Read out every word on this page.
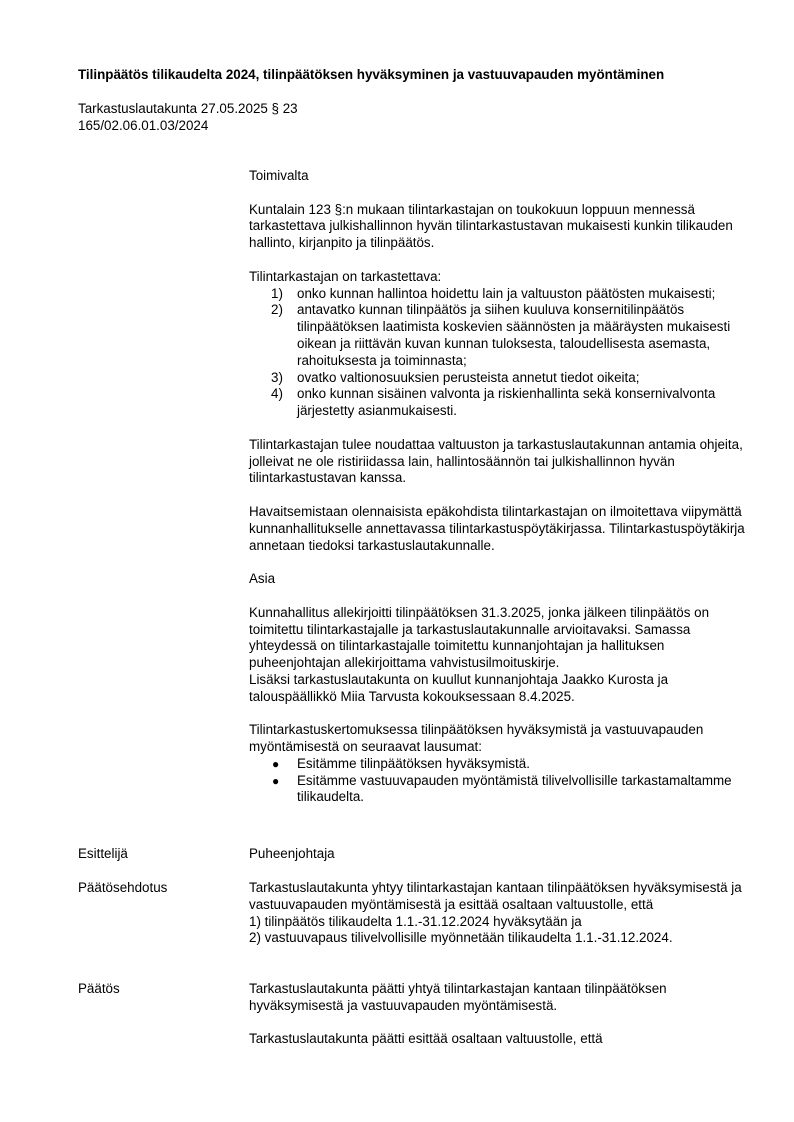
Tilinpäätös tilikaudelta 2024, tilinpäätöksen hyväksyminen ja vastuuvapauden myöntäminen
Tarkastuslautakunta 27.05.2025 § 23
165/02.06.01.03/2024

Toimivalta

Kuntalain 123 §:n mukaan tilintarkastajan on toukokuun loppuun mennessä tarkastettava julkishallinnon hyvän tilintarkastustavan mukaisesti kunkin tilikauden hallinto, kirjanpito ja tilinpäätös.

Tilintarkastajan on tarkastettava:
1) onko kunnan hallintoa hoidettu lain ja valtuuston päätösten mukaisesti;
2) antavatko kunnan tilinpäätös ja siihen kuuluva konsernitilinpäätös tilinpäätöksen laatimista koskevien säännösten ja määräysten mukaisesti oikean ja riittävän kuvan kunnan tuloksesta, taloudellisesta asemasta, rahoituksesta ja toiminnasta;
3) ovatko valtionosuuksien perusteista annetut tiedot oikeita;
4) onko kunnan sisäinen valvonta ja riskienhallinta sekä konsernivalvonta järjestetty asianmukaisesti.

Tilintarkastajan tulee noudattaa valtuuston ja tarkastuslautakunnan antamia ohjeita, jolleivat ne ole ristiriidassa lain, hallintosäännön tai julkishallinnon hyvän tilintarkastustavan kanssa.

Havaitsemistaan olennaisista epäkohdista tilintarkastajan on ilmoitettava viipymättä kunnanhallitukselle annettavassa tilintarkastuspöytäkirjassa. Tilintarkastuspöytäkirja annetaan tiedoksi tarkastuslautakunnalle.

Asia

Kunnahallitus allekirjoitti tilinpäätöksen 31.3.2025, jonka jälkeen tilinpäätös on toimitettu tilintarkastajalle ja tarkastuslautakunnalle arvioitavaksi. Samassa yhteydessä on tilintarkastajalle toimitettu kunnanjohtajan ja hallituksen puheenjohtajan allekirjoittama vahvistusilmoituskirje.
Lisäksi tarkastuslautakunta on kuullut kunnanjohtaja Jaakko Kurosta ja talouspäällikkö Miia Tarvusta kokouksessaan 8.4.2025.

Tilintarkastuskertomuksessa tilinpäätöksen hyväksymistä ja vastuuvapauden myöntämisestä on seuraavat lausumat:
● Esitämme tilinpäätöksen hyväksymistä.
● Esitämme vastuuvapauden myöntämistä tilivelvollisille tarkastamaltamme tilikaudelta.
Esittelijä	Puheenjohtaja
Päätösehdotus	Tarkastuslautakunta yhtyy tilintarkastajan kantaan tilinpäätöksen hyväksymisestä ja vastuuvapauden myöntämisestä ja esittää osaltaan valtuustolle, että
1) tilinpäätös tilikaudelta 1.1.-31.12.2024 hyväksytään ja
2) vastuuvapaus tilivelvollisille myönnetään tilikaudelta 1.1.-31.12.2024.
Päätös	Tarkastuslautakunta päätti yhtyä tilintarkastajan kantaan tilinpäätöksen hyväksymisestä ja vastuuvapauden myöntämisestä.

Tarkastuslautakunta päätti esittää osaltaan valtuustolle, että
